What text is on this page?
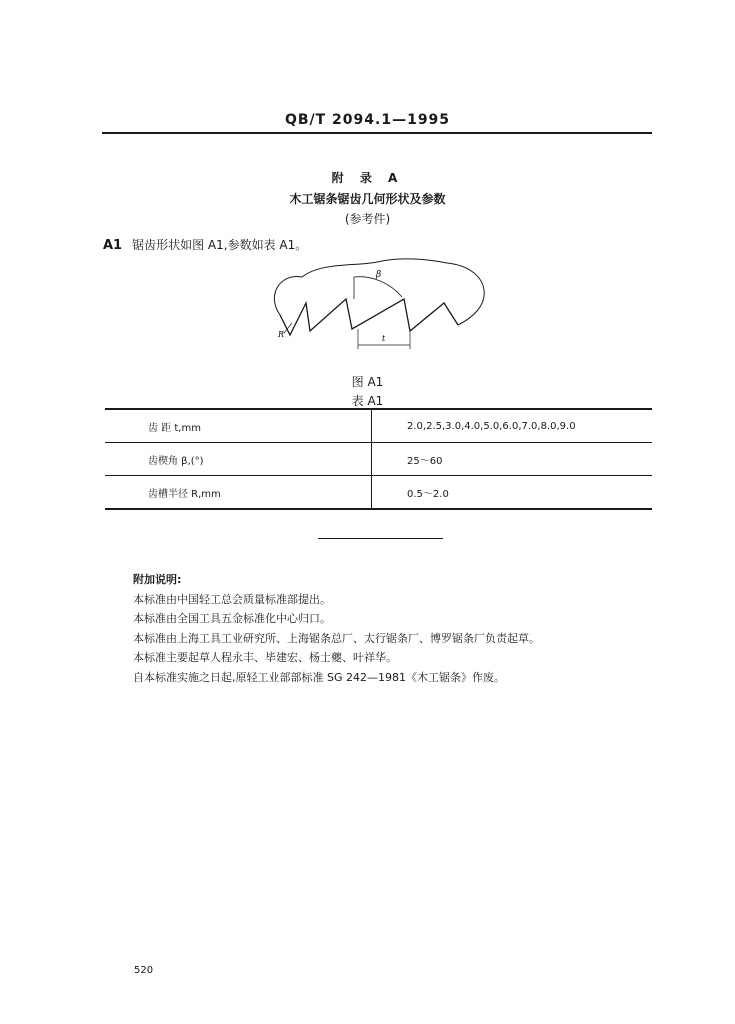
QB/T 2094.1—1995
附 录 A
木工锯条锯齿几何形状及参数
(参考件)
A1 锯齿形状如图 A1,参数如表 A1。
β
R	t
图 A1
表 A1
齿 距 t,mm	2.0,2.5,3.0,4.0,5.0,6.0,7.0,8.0,9.0
齿楔角 β,(°)	25～60
齿槽半径 R,mm	0.5～2.0
附加说明:
本标准由中国轻工总会质量标准部提出。
本标准由全国工具五金标准化中心归口。
本标准由上海工具工业研究所、上海锯条总厂、太行锯条厂、博罗锯条厂负责起草。
本标准主要起草人程永丰、毕建宏、杨士夔、叶祥华。
自本标准实施之日起,原轻工业部部标准 SG 242—1981《木工锯条》作废。
520
